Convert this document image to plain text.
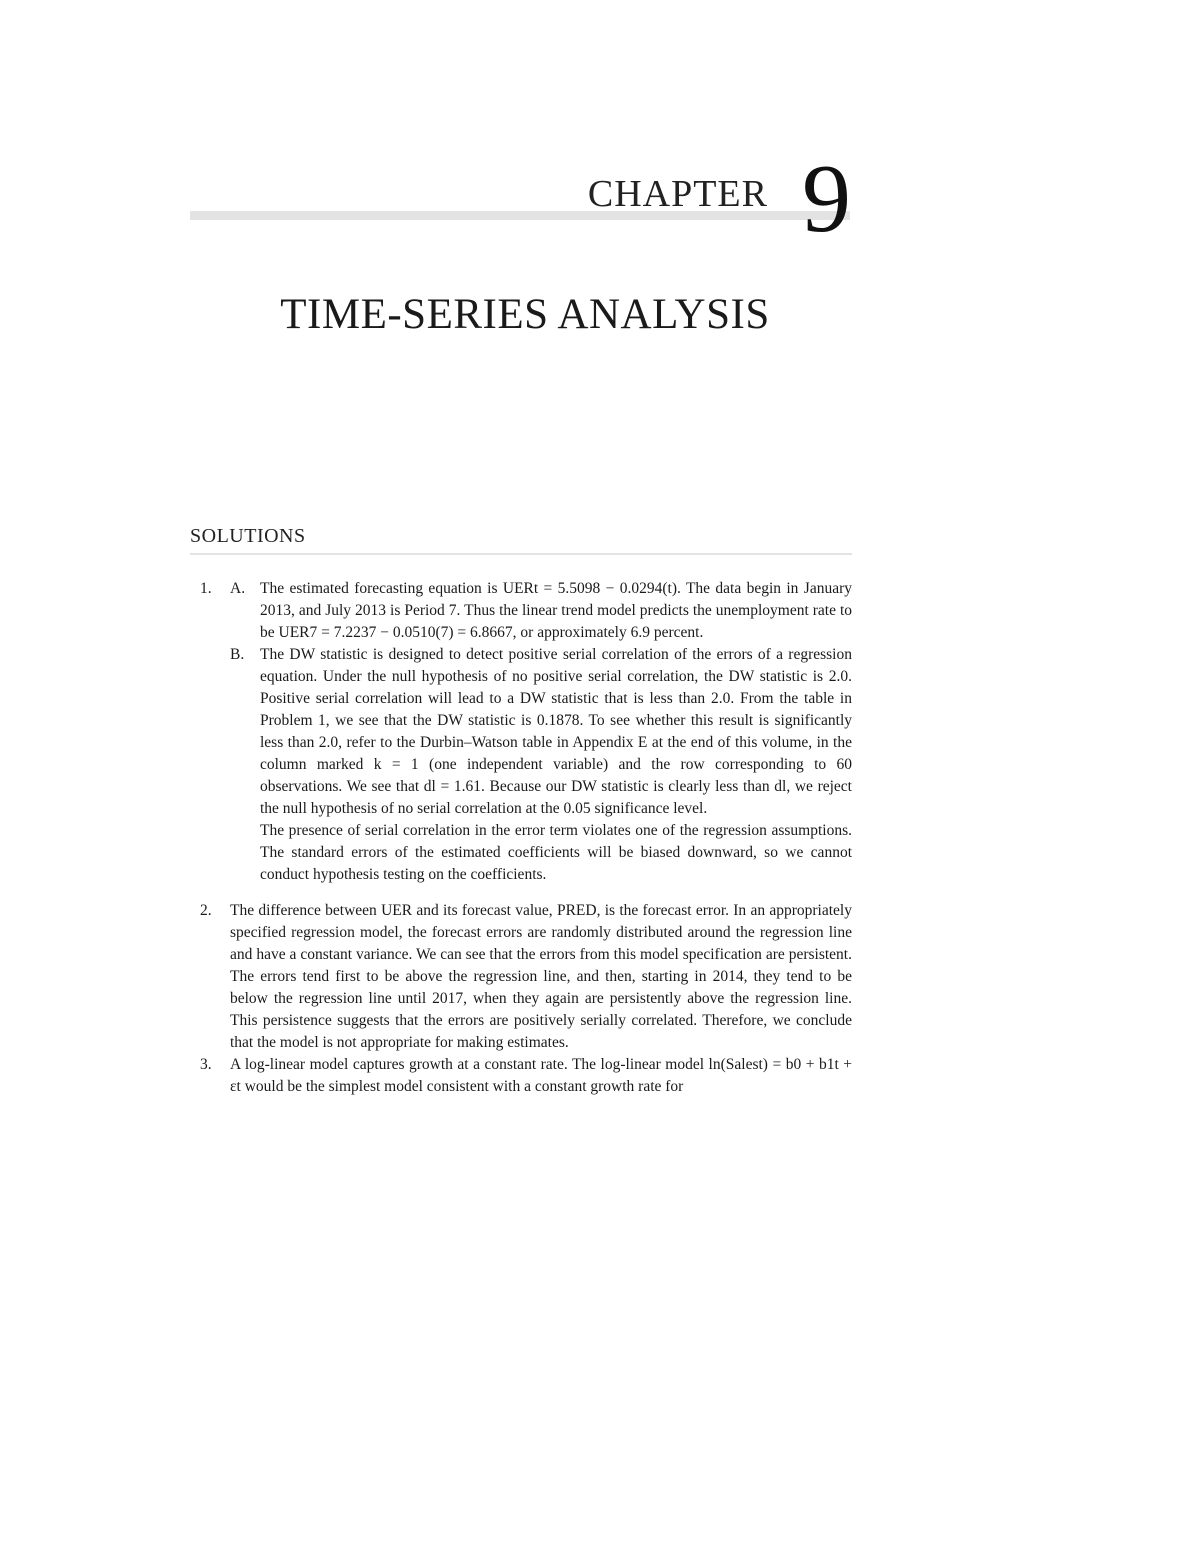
CHAPTER 9
TIME-SERIES ANALYSIS
SOLUTIONS
1. A. The estimated forecasting equation is UERt = 5.5098 − 0.0294(t). The data begin in January 2013, and July 2013 is Period 7. Thus the linear trend model predicts the unemployment rate to be UER7 = 7.2237 − 0.0510(7) = 6.8667, or approximately 6.9 percent.

B. The DW statistic is designed to detect positive serial correlation of the errors of a regression equation. Under the null hypothesis of no positive serial correlation, the DW statistic is 2.0. Positive serial correlation will lead to a DW statistic that is less than 2.0. From the table in Problem 1, we see that the DW statistic is 0.1878. To see whether this result is significantly less than 2.0, refer to the Durbin–Watson table in Appendix E at the end of this volume, in the column marked k = 1 (one independent variable) and the row corresponding to 60 observations. We see that dl = 1.61. Because our DW statistic is clearly less than dl, we reject the null hypothesis of no serial correlation at the 0.05 significance level.

The presence of serial correlation in the error term violates one of the regression assumptions. The standard errors of the estimated coefficients will be biased downward, so we cannot conduct hypothesis testing on the coefficients.

2. The difference between UER and its forecast value, PRED, is the forecast error. In an appropriately specified regression model, the forecast errors are randomly distributed around the regression line and have a constant variance. We can see that the errors from this model specification are persistent. The errors tend first to be above the regression line, and then, starting in 2014, they tend to be below the regression line until 2017, when they again are persistently above the regression line. This persistence suggests that the errors are positively serially correlated. Therefore, we conclude that the model is not appropriate for making estimates.

3. A log-linear model captures growth at a constant rate. The log-linear model ln(Salest) = b0 + b1t + εt would be the simplest model consistent with a constant growth rate for
